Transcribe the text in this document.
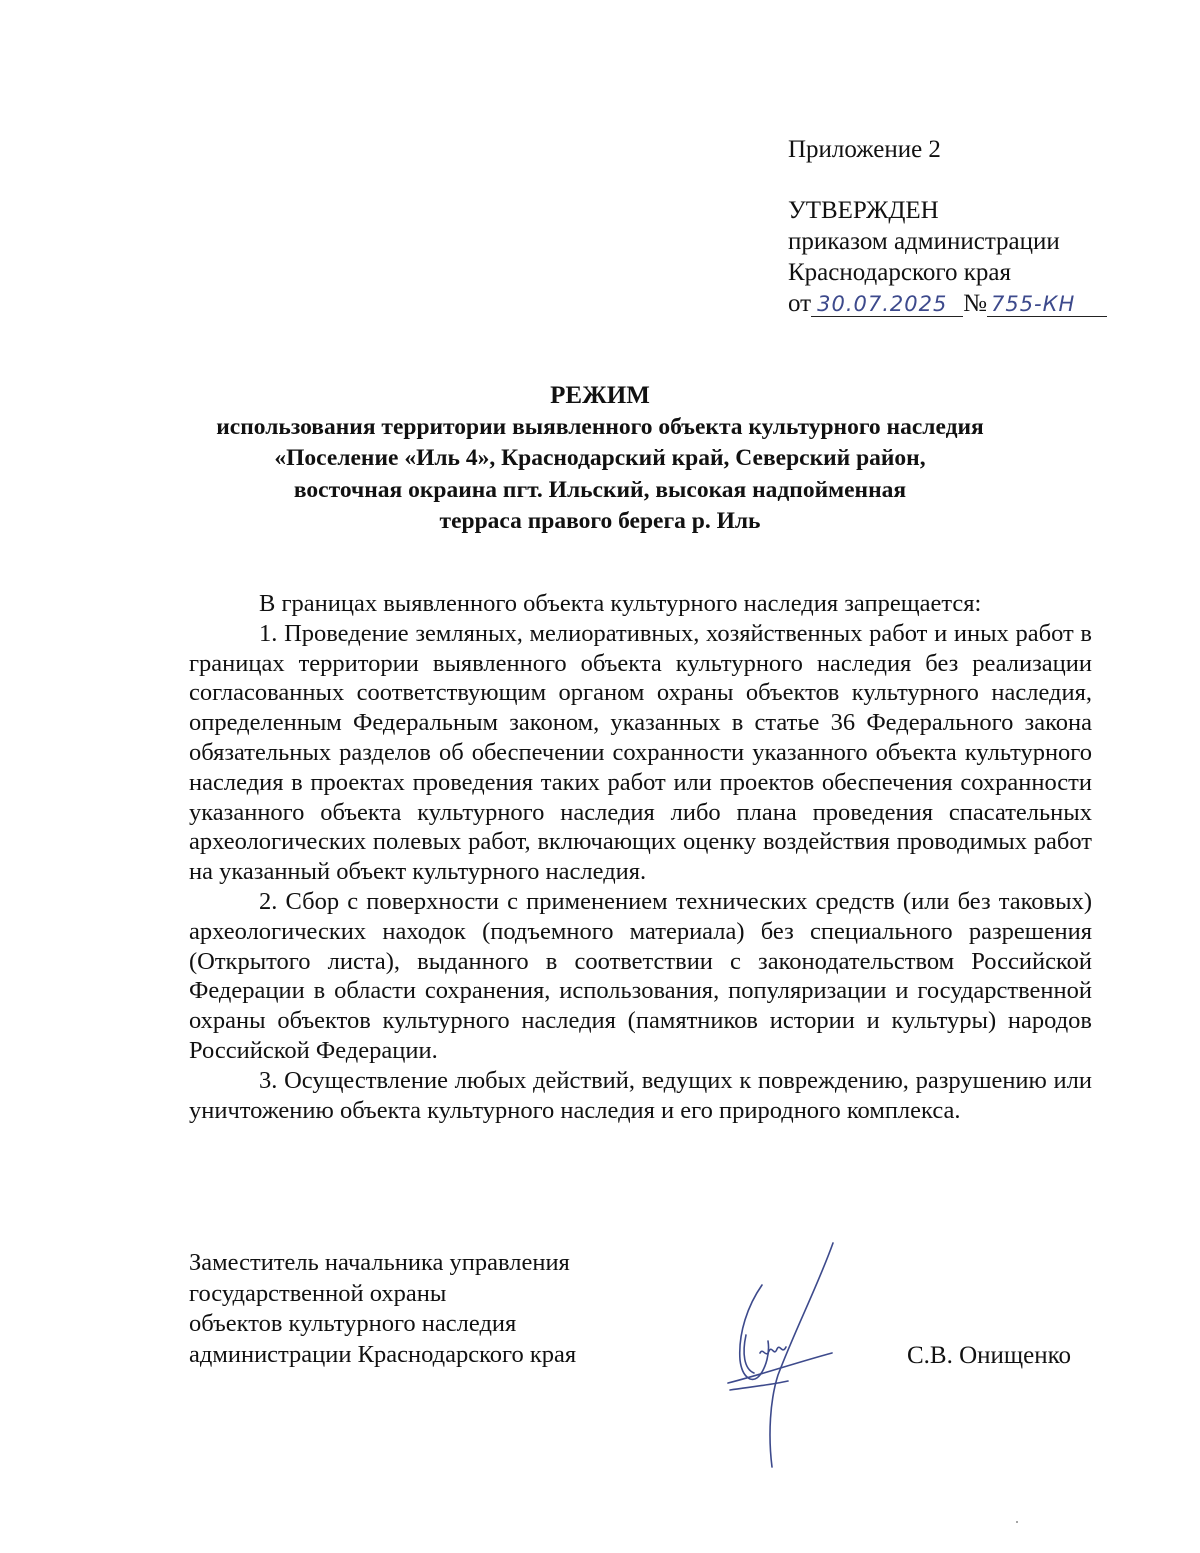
Приложение 2
УТВЕРЖДЕН
приказом администрации
Краснодарского края
от 30.07.2025 № 755-КН
РЕЖИМ
использования территории выявленного объекта культурного наследия
«Поселение «Иль 4», Краснодарский край, Северский район,
восточная окраина пгт. Ильский, высокая надпойменная
терраса правого берега р. Иль

В границах выявленного объекта культурного наследия запрещается:

1. Проведение земляных, мелиоративных, хозяйственных работ и иных работ в границах территории выявленного объекта культурного наследия без реализации согласованных соответствующим органом охраны объектов культурного наследия, определенным Федеральным законом, указанных в статье 36 Федерального закона обязательных разделов об обеспечении сохранности указанного объекта культурного наследия в проектах проведения таких работ или проектов обеспечения сохранности указанного объекта культурного наследия либо плана проведения спасательных археологических полевых работ, включающих оценку воздействия проводимых работ на указанный объект культурного наследия.

2. Сбор с поверхности с применением технических средств (или без таковых) археологических находок (подъемного материала) без специального разрешения (Открытого листа), выданного в соответствии с законодательством Российской Федерации в области сохранения, использования, популяризации и государственной охраны объектов культурного наследия (памятников истории и культуры) народов Российской Федерации.

3. Осуществление любых действий, ведущих к повреждению, разрушению или уничтожению объекта культурного наследия и его природного комплекса.

Заместитель начальника управления
государственной охраны
объектов культурного наследия
администрации Краснодарского края	С.В. Онищенко
